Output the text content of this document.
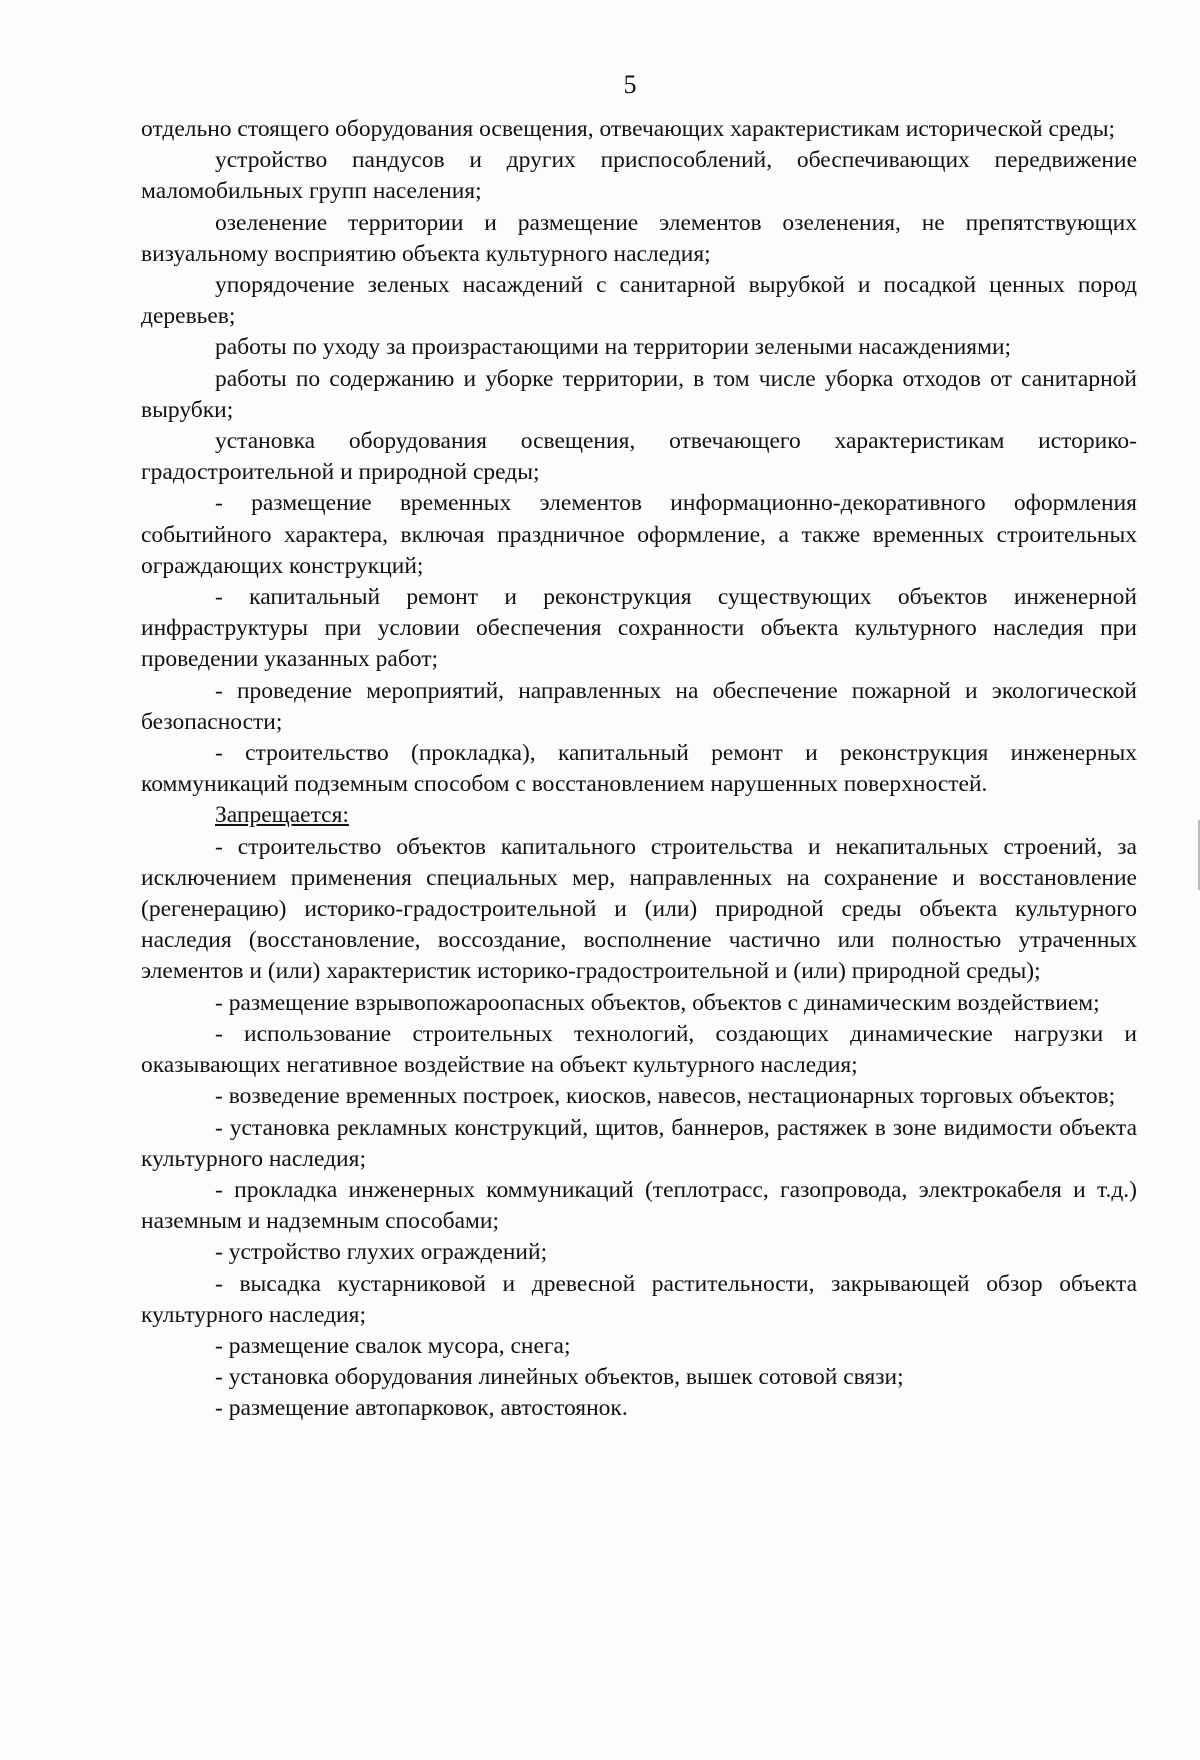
5

отдельно стоящего оборудования освещения, отвечающих характеристикам исторической среды;

устройство пандусов и других приспособлений, обеспечивающих передвижение маломобильных групп населения;

озеленение территории и размещение элементов озеленения, не препятствующих визуальному восприятию объекта культурного наследия;

упорядочение зеленых насаждений с санитарной вырубкой и посадкой ценных пород деревьев;

работы по уходу за произрастающими на территории зелеными насаждениями;

работы по содержанию и уборке территории, в том числе уборка отходов от санитарной вырубки;

установка оборудования освещения, отвечающего характеристикам историко-градостроительной и природной среды;

- размещение временных элементов информационно-декоративного оформления событийного характера, включая праздничное оформление, а также временных строительных ограждающих конструкций;

- капитальный ремонт и реконструкция существующих объектов инженерной инфраструктуры при условии обеспечения сохранности объекта культурного наследия при проведении указанных работ;

- проведение мероприятий, направленных на обеспечение пожарной и экологической безопасности;

- строительство (прокладка), капитальный ремонт и реконструкция инженерных коммуникаций подземным способом с восстановлением нарушенных поверхностей.

Запрещается:

- строительство объектов капитального строительства и некапитальных строений, за исключением применения специальных мер, направленных на сохранение и восстановление (регенерацию) историко-градостроительной и (или) природной среды объекта культурного наследия (восстановление, воссоздание, восполнение частично или полностью утраченных элементов и (или) характеристик историко-градостроительной и (или) природной среды);

- размещение взрывопожароопасных объектов, объектов с динамическим воздействием;

- использование строительных технологий, создающих динамические нагрузки и оказывающих негативное воздействие на объект культурного наследия;

- возведение временных построек, киосков, навесов, нестационарных торговых объектов;

- установка рекламных конструкций, щитов, баннеров, растяжек в зоне видимости объекта культурного наследия;

- прокладка инженерных коммуникаций (теплотрасс, газопровода, электрокабеля и т.д.) наземным и надземным способами;

- устройство глухих ограждений;

- высадка кустарниковой и древесной растительности, закрывающей обзор объекта культурного наследия;

- размещение свалок мусора, снега;

- установка оборудования линейных объектов, вышек сотовой связи;

- размещение автопарковок, автостоянок.
